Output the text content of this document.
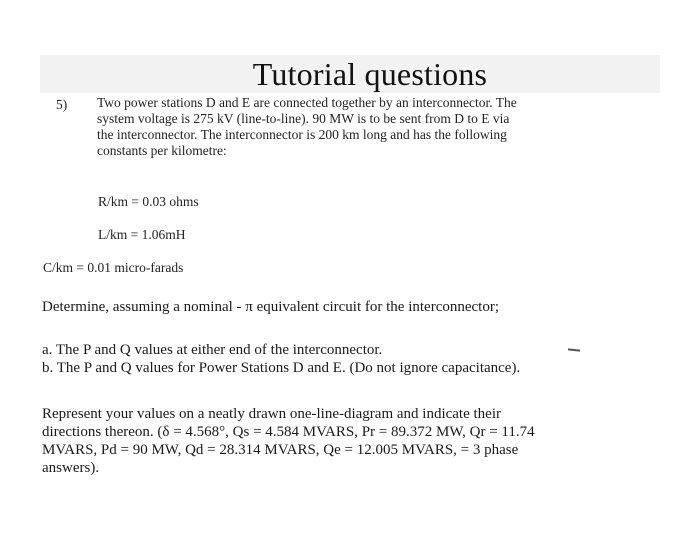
Tutorial questions
5) Two power stations D and E are connected together by an interconnector. The
system voltage is 275 kV (line-to-line). 90 MW is to be sent from D to E via
the interconnector. The interconnector is 200 km long and has the following
constants per kilometre:
R/km = 0.03 ohms
L/km = 1.06mH
C/km = 0.01 micro-farads
Determine, assuming a nominal - π equivalent circuit for the interconnector;
a. The P and Q values at either end of the interconnector.
b. The P and Q values for Power Stations D and E. (Do not ignore capacitance).
Represent your values on a neatly drawn one-line-diagram and indicate their
directions thereon. (δ = 4.568°, Qs = 4.584 MVARS, Pr = 89.372 MW, Qr = 11.74
MVARS, Pd = 90 MW, Qd = 28.314 MVARS, Qe = 12.005 MVARS, = 3 phase
answers).
